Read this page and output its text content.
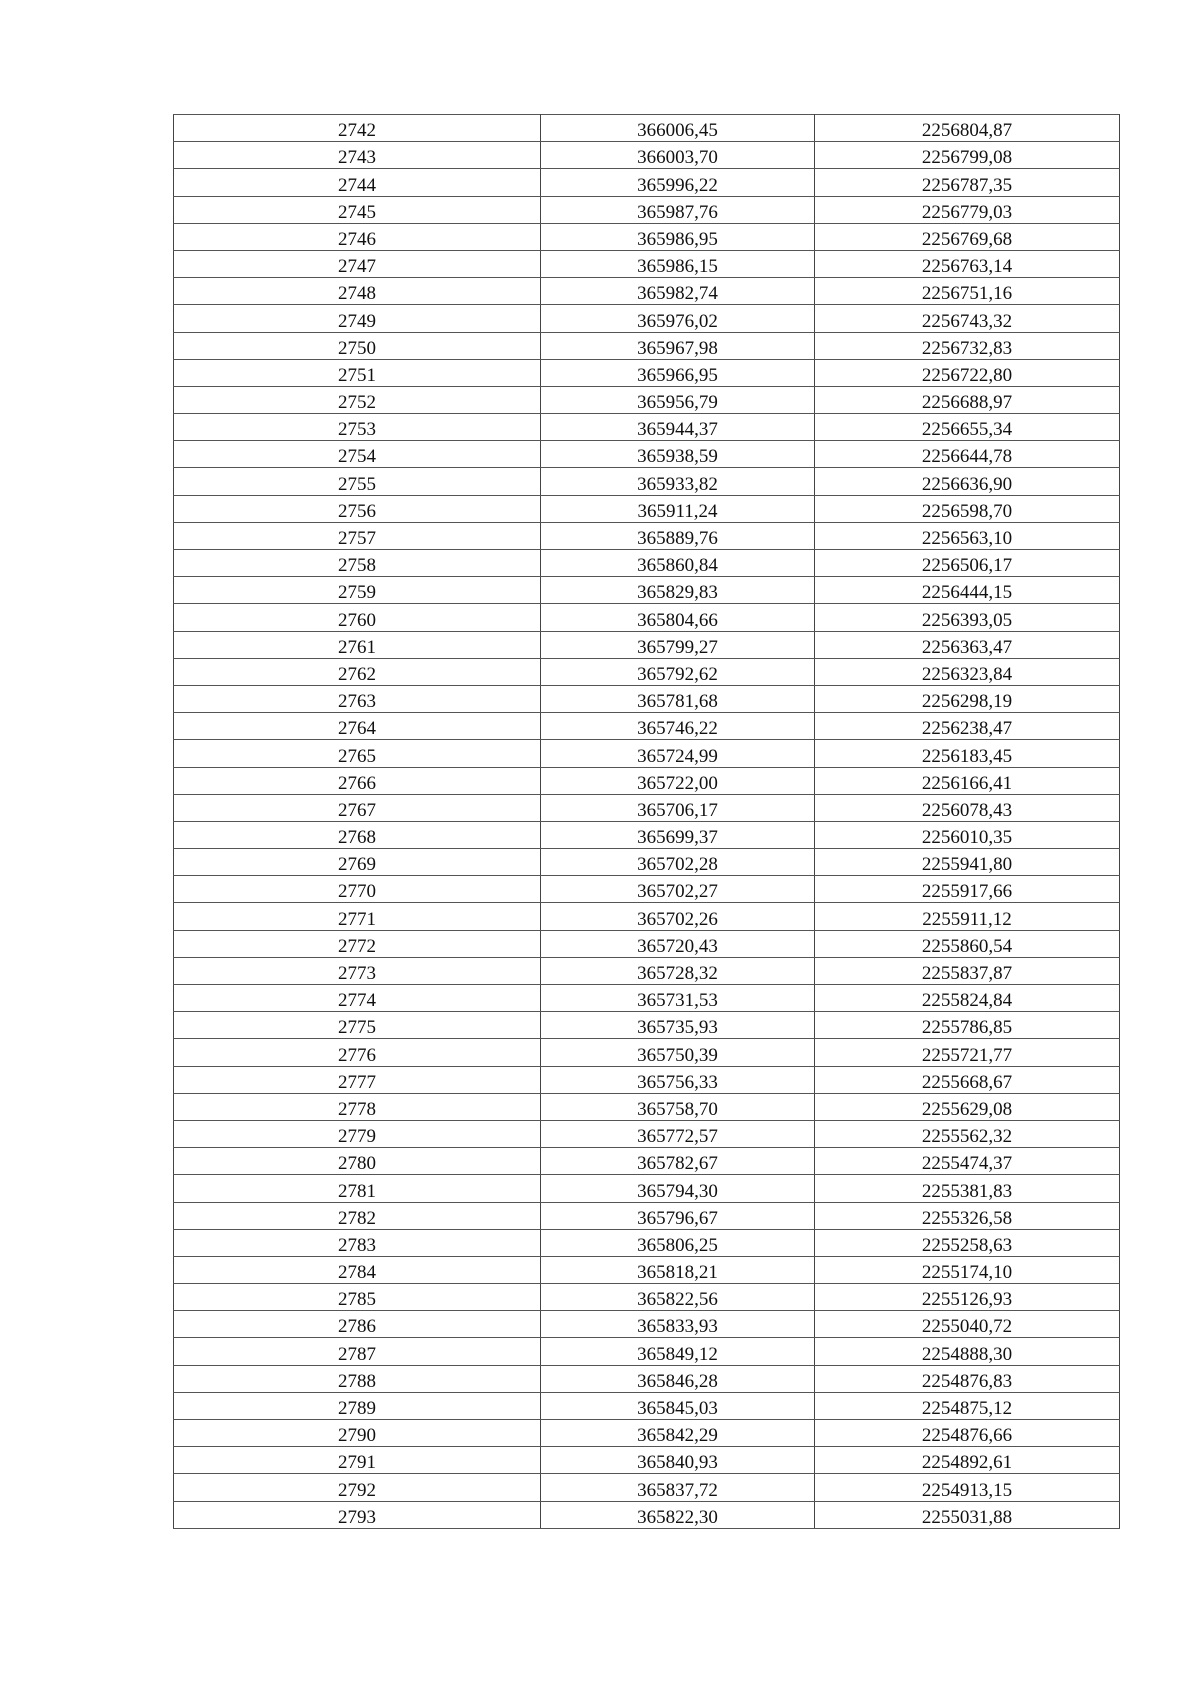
2742	366006,45	2256804,87
2743	366003,70	2256799,08
2744	365996,22	2256787,35
2745	365987,76	2256779,03
2746	365986,95	2256769,68
2747	365986,15	2256763,14
2748	365982,74	2256751,16
2749	365976,02	2256743,32
2750	365967,98	2256732,83
2751	365966,95	2256722,80
2752	365956,79	2256688,97
2753	365944,37	2256655,34
2754	365938,59	2256644,78
2755	365933,82	2256636,90
2756	365911,24	2256598,70
2757	365889,76	2256563,10
2758	365860,84	2256506,17
2759	365829,83	2256444,15
2760	365804,66	2256393,05
2761	365799,27	2256363,47
2762	365792,62	2256323,84
2763	365781,68	2256298,19
2764	365746,22	2256238,47
2765	365724,99	2256183,45
2766	365722,00	2256166,41
2767	365706,17	2256078,43
2768	365699,37	2256010,35
2769	365702,28	2255941,80
2770	365702,27	2255917,66
2771	365702,26	2255911,12
2772	365720,43	2255860,54
2773	365728,32	2255837,87
2774	365731,53	2255824,84
2775	365735,93	2255786,85
2776	365750,39	2255721,77
2777	365756,33	2255668,67
2778	365758,70	2255629,08
2779	365772,57	2255562,32
2780	365782,67	2255474,37
2781	365794,30	2255381,83
2782	365796,67	2255326,58
2783	365806,25	2255258,63
2784	365818,21	2255174,10
2785	365822,56	2255126,93
2786	365833,93	2255040,72
2787	365849,12	2254888,30
2788	365846,28	2254876,83
2789	365845,03	2254875,12
2790	365842,29	2254876,66
2791	365840,93	2254892,61
2792	365837,72	2254913,15
2793	365822,30	2255031,88
